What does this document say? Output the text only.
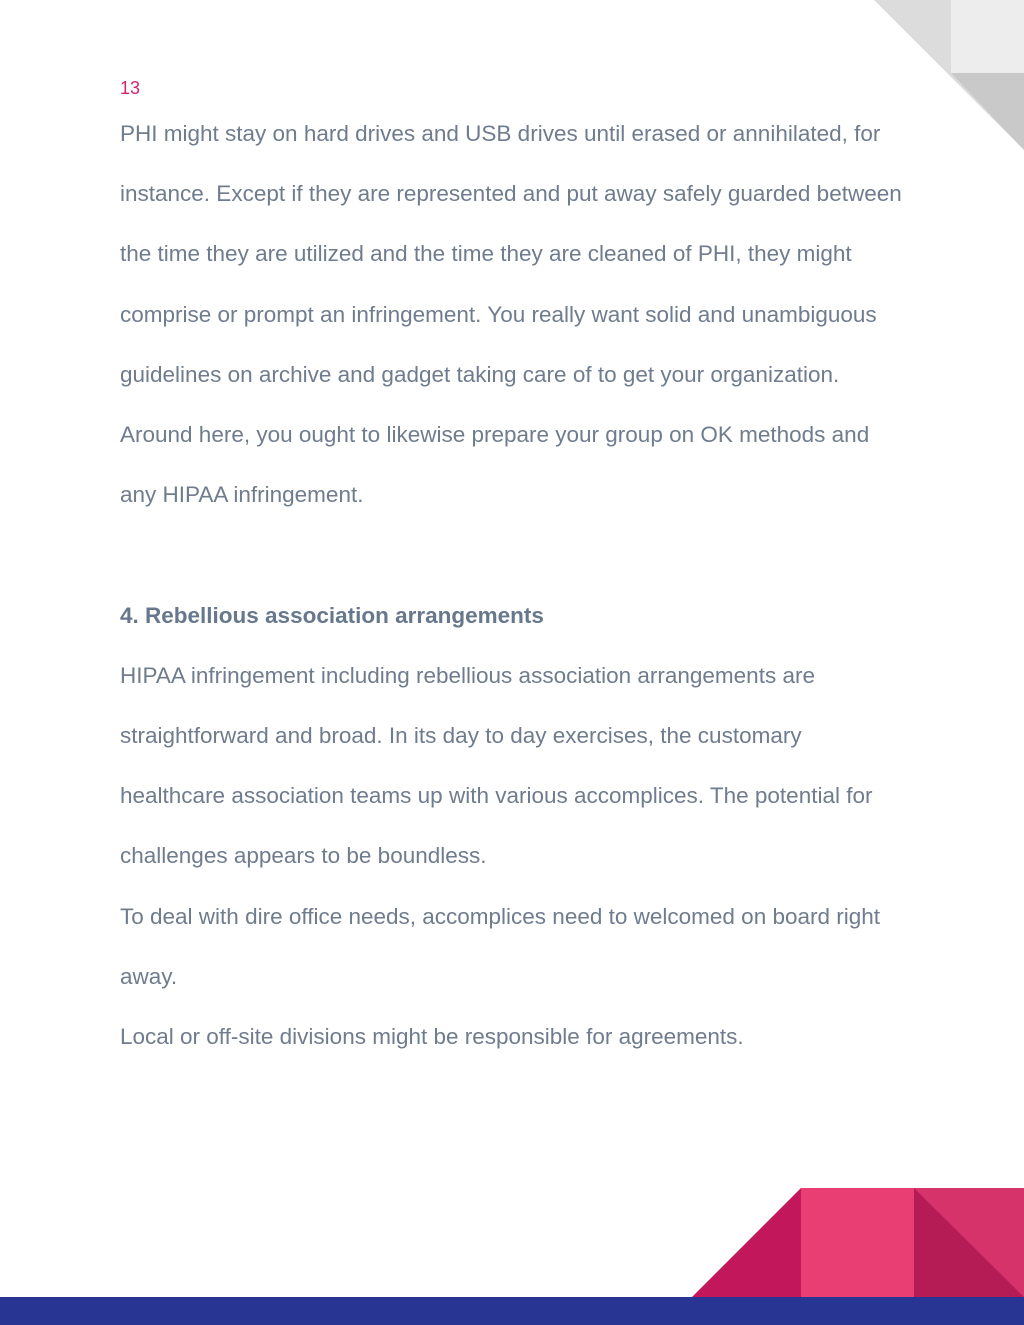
13

PHI might stay on hard drives and USB drives until erased or annihilated, for instance. Except if they are represented and put away safely guarded between the time they are utilized and the time they are cleaned of PHI, they might comprise or prompt an infringement. You really want solid and unambiguous guidelines on archive and gadget taking care of to get your organization. Around here, you ought to likewise prepare your group on OK methods and any HIPAA infringement.

4. Rebellious association arrangements

HIPAA infringement including rebellious association arrangements are straightforward and broad. In its day to day exercises, the customary healthcare association teams up with various accomplices. The potential for challenges appears to be boundless.

To deal with dire office needs, accomplices need to welcomed on board right away.

Local or off-site divisions might be responsible for agreements.
